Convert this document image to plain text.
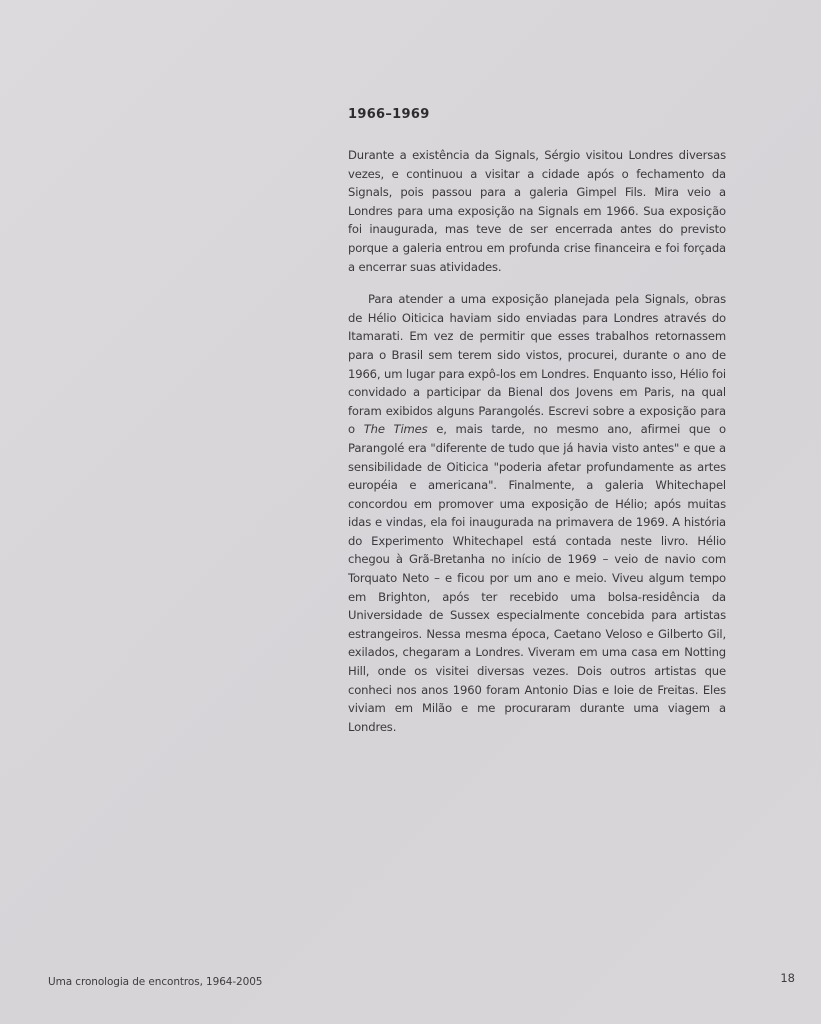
1966–1969

Durante a existência da Signals, Sérgio visitou Londres diversas vezes, e continuou a visitar a cidade após o fechamento da Signals, pois passou para a galeria Gimpel Fils. Mira veio a Londres para uma exposição na Signals em 1966. Sua exposição foi inaugurada, mas teve de ser encerrada antes do previsto porque a galeria entrou em profunda crise financeira e foi forçada a encerrar suas atividades.

Para atender a uma exposição planejada pela Signals, obras de Hélio Oiticica haviam sido enviadas para Londres através do Itamarati. Em vez de permitir que esses trabalhos retornassem para o Brasil sem terem sido vistos, procurei, durante o ano de 1966, um lugar para expô-los em Londres. Enquanto isso, Hélio foi convidado a participar da Bienal dos Jovens em Paris, na qual foram exibidos alguns Parangolés. Escrevi sobre a exposição para o The Times e, mais tarde, no mesmo ano, afirmei que o Parangolé era "diferente de tudo que já havia visto antes" e que a sensibilidade de Oiticica "poderia afetar profundamente as artes européia e americana". Finalmente, a galeria Whitechapel concordou em promover uma exposição de Hélio; após muitas idas e vindas, ela foi inaugurada na primavera de 1969. A história do Experimento Whitechapel está contada neste livro. Hélio chegou à Grã-Bretanha no início de 1969 – veio de navio com Torquato Neto – e ficou por um ano e meio. Viveu algum tempo em Brighton, após ter recebido uma bolsa-residência da Universidade de Sussex especialmente concebida para artistas estrangeiros. Nessa mesma época, Caetano Veloso e Gilberto Gil, exilados, chegaram a Londres. Viveram em uma casa em Notting Hill, onde os visitei diversas vezes. Dois outros artistas que conheci nos anos 1960 foram Antonio Dias e Ioie de Freitas. Eles viviam em Milão e me procuraram durante uma viagem a Londres.

Uma cronologia de encontros, 1964-2005	18
